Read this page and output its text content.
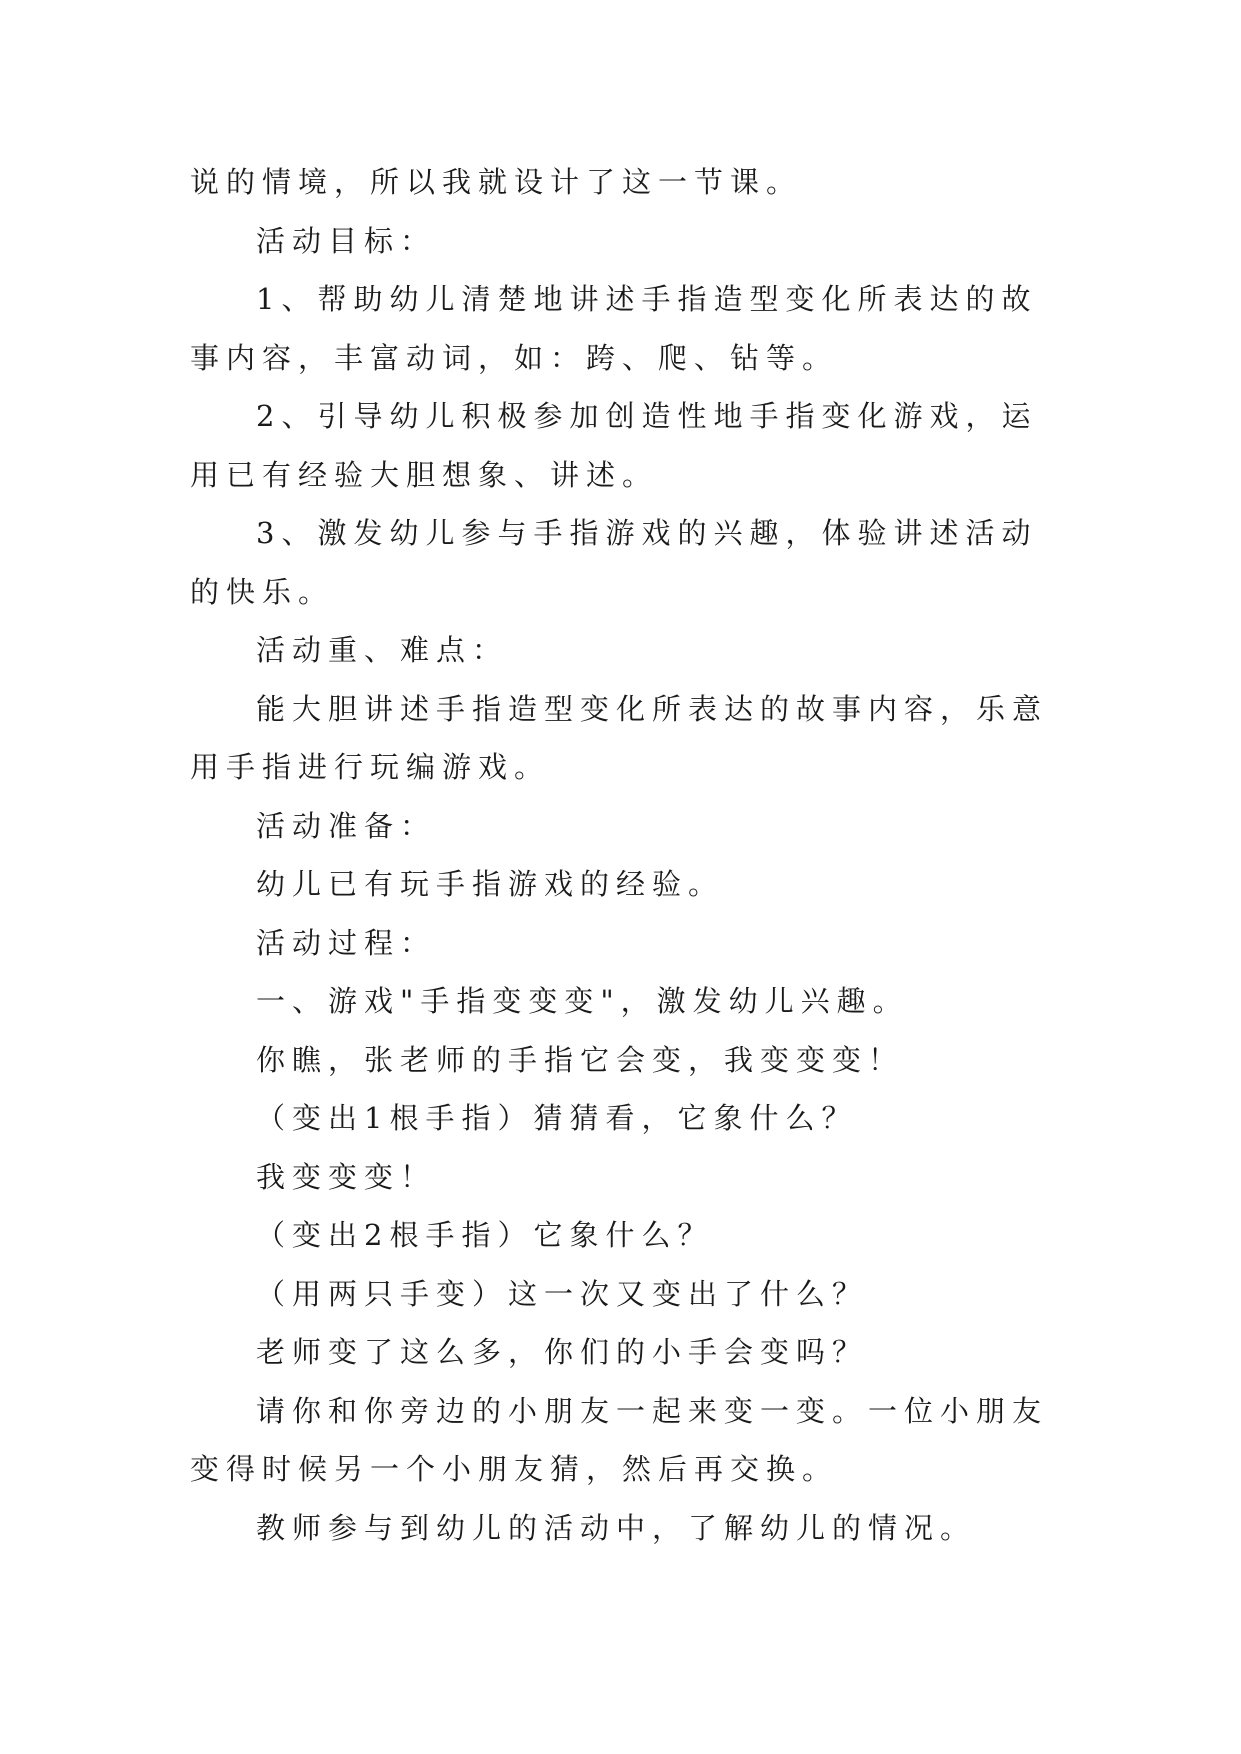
说的情境，所以我就设计了这一节课。

活动目标：

1、帮助幼儿清楚地讲述手指造型变化所表达的故事内容，丰富动词，如：跨、爬、钻等。

2、引导幼儿积极参加创造性地手指变化游戏，运用已有经验大胆想象、讲述。

3、激发幼儿参与手指游戏的兴趣，体验讲述活动的快乐。

活动重、难点：

能大胆讲述手指造型变化所表达的故事内容，乐意用手指进行玩编游戏。

活动准备：

幼儿已有玩手指游戏的经验。

活动过程：

一、游戏"手指变变变"，激发幼儿兴趣。

你瞧，张老师的手指它会变，我变变变！

（变出1根手指）猜猜看，它象什么？

我变变变！

（变出2根手指）它象什么？

（用两只手变）这一次又变出了什么？

老师变了这么多，你们的小手会变吗？

请你和你旁边的小朋友一起来变一变。一位小朋友变得时候另一个小朋友猜，然后再交换。

教师参与到幼儿的活动中，了解幼儿的情况。
